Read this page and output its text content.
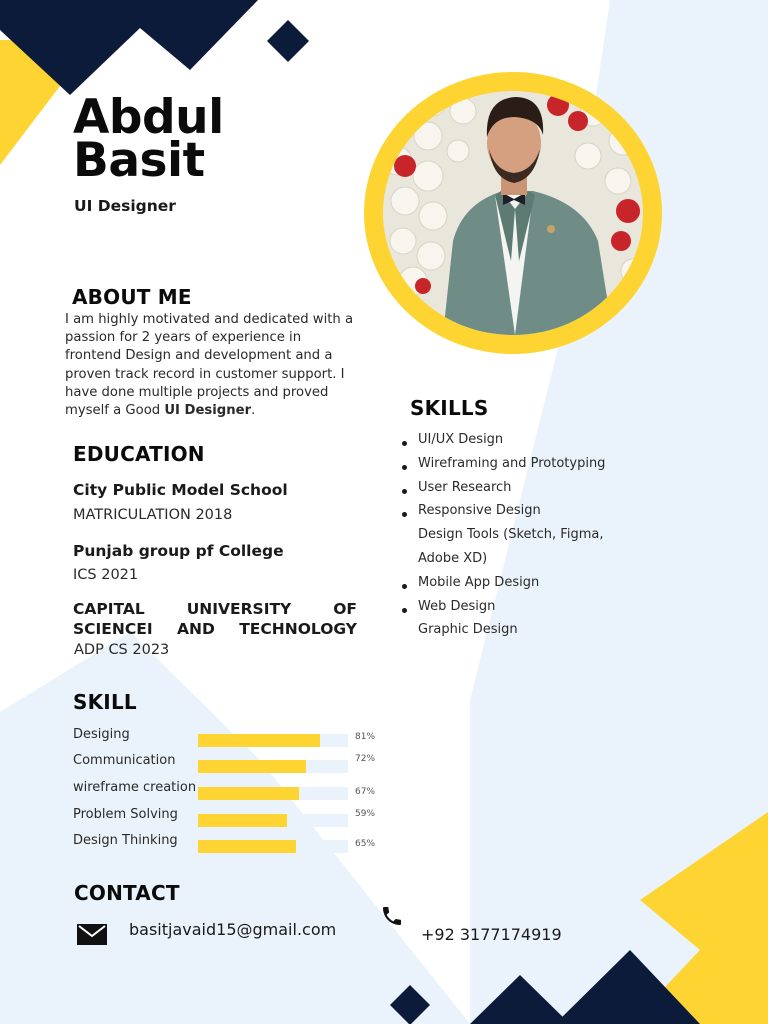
Abdul
Basit
UI Designer
ABOUT ME
I am highly motivated and dedicated with a passion for 2 years of experience in frontend Design and development and a proven track record in customer support. I have done multiple projects and proved myself a Good UI Designer.
EDUCATION
City Public Model School
MATRICULATION 2018
Punjab group pf College
ICS 2021
CAPITAL UNIVERSITY OF SCIENCEI AND TECHNOLOGY
ADP CS 2023
SKILLS
UI/UX Design
Wireframing and Prototyping
User Research
Responsive Design
Design Tools (Sketch, Figma,
Adobe XD)
Mobile App Design
Web Design
Graphic Design
SKILL
Desiging	81%
Communication	72%
wireframe creation	67%
Problem Solving	59%
Design Thinking	65%
CONTACT
basitjavaid15@gmail.com	+92 3177174919
